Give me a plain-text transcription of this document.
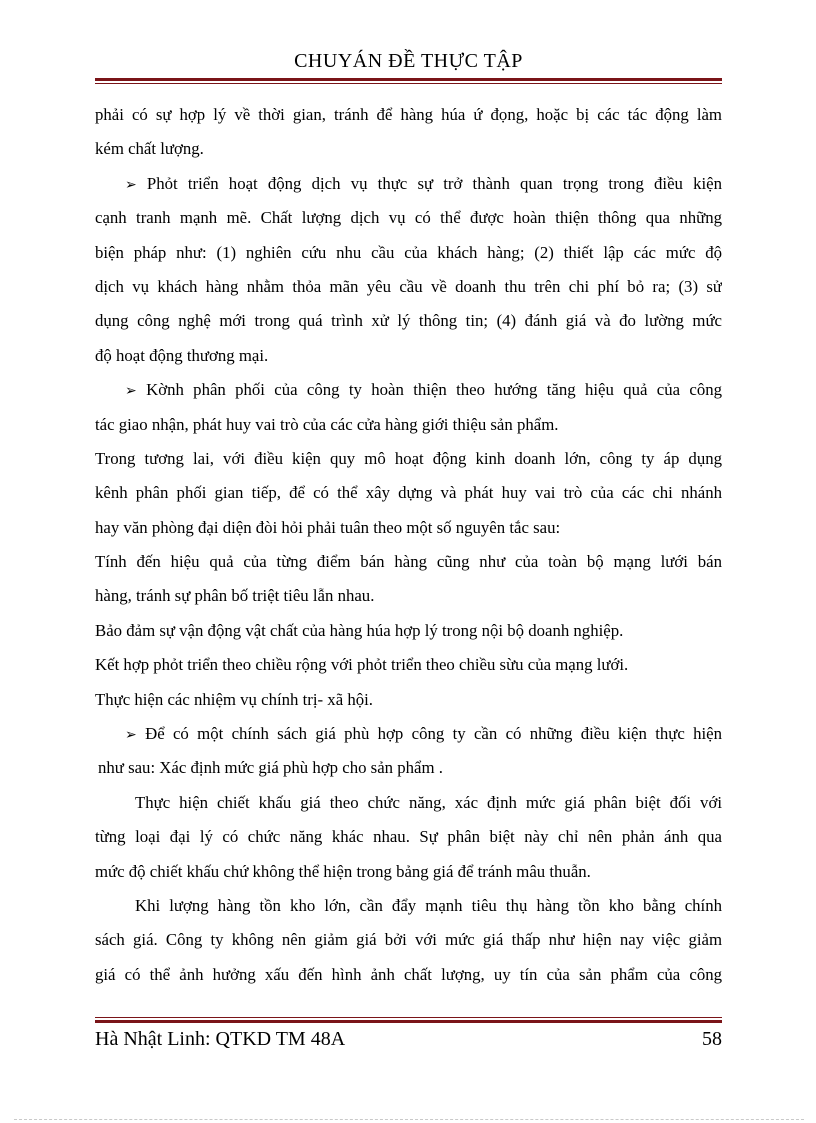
CHUYÁN ĐỀ THỰC TẬP
phải có sự hợp lý về thời gian, tránh để hàng húa ứ đọng, hoặc bị các tác động làm
kém chất lượng.
➢ Phỏt triển hoạt động dịch vụ thực sự trở thành quan trọng trong điều kiện
cạnh tranh mạnh mẽ. Chất lượng dịch vụ có thể được hoàn thiện thông qua những
biện pháp như: (1) nghiên cứu nhu cầu của khách hàng; (2) thiết lập các mức độ
dịch vụ khách hàng nhằm thỏa mãn yêu cầu về doanh thu trên chi phí bỏ ra; (3) sử
dụng công nghệ mới trong quá trình xử lý thông tin; (4) đánh giá và đo lường mức
độ hoạt động thương mại.
➢ Kờnh phân phối của công ty hoàn thiện theo hướng tăng hiệu quả của công
tác giao nhận, phát huy vai trò của các cửa hàng giới thiệu sản phẩm.
Trong tương lai, với điều kiện quy mô hoạt động kinh doanh lớn, công ty áp dụng
kênh phân phối gian tiếp, để có thể xây dựng và phát huy vai trò của các chi nhánh
hay văn phòng đại diện đòi hỏi phải tuân theo một số nguyên tắc sau:
Tính đến hiệu quả của từng điểm bán hàng cũng như của toàn bộ mạng lưới bán
hàng, tránh sự phân bố triệt tiêu lẫn nhau.
Bảo đảm sự vận động vật chất của hàng húa hợp lý trong nội bộ doanh nghiệp.
Kết hợp phỏt triển theo chiều rộng với phỏt triển theo chiều sừu của mạng lưới.
Thực hiện các nhiệm vụ chính trị- xã hội.
➢ Để có một chính sách giá phù hợp công ty cần có những điều kiện thực hiện
như sau: Xác định mức giá phù hợp cho sản phẩm .
Thực hiện chiết khấu giá theo chức năng, xác định mức giá phân biệt đối với
từng loại đại lý có chức năng khác nhau. Sự phân biệt này chỉ nên phản ánh qua
mức độ chiết khấu chứ không thể hiện trong bảng giá để tránh mâu thuẫn.
Khi lượng hàng tồn kho lớn, cần đẩy mạnh tiêu thụ hàng tồn kho bằng chính
sách giá. Công ty không nên giảm giá bởi với mức giá thấp như hiện nay việc giảm
giá có thể ảnh hưởng xấu đến hình ảnh chất lượng, uy tín của sản phẩm của công
Hà Nhật Linh: QTKD TM 48A	58
